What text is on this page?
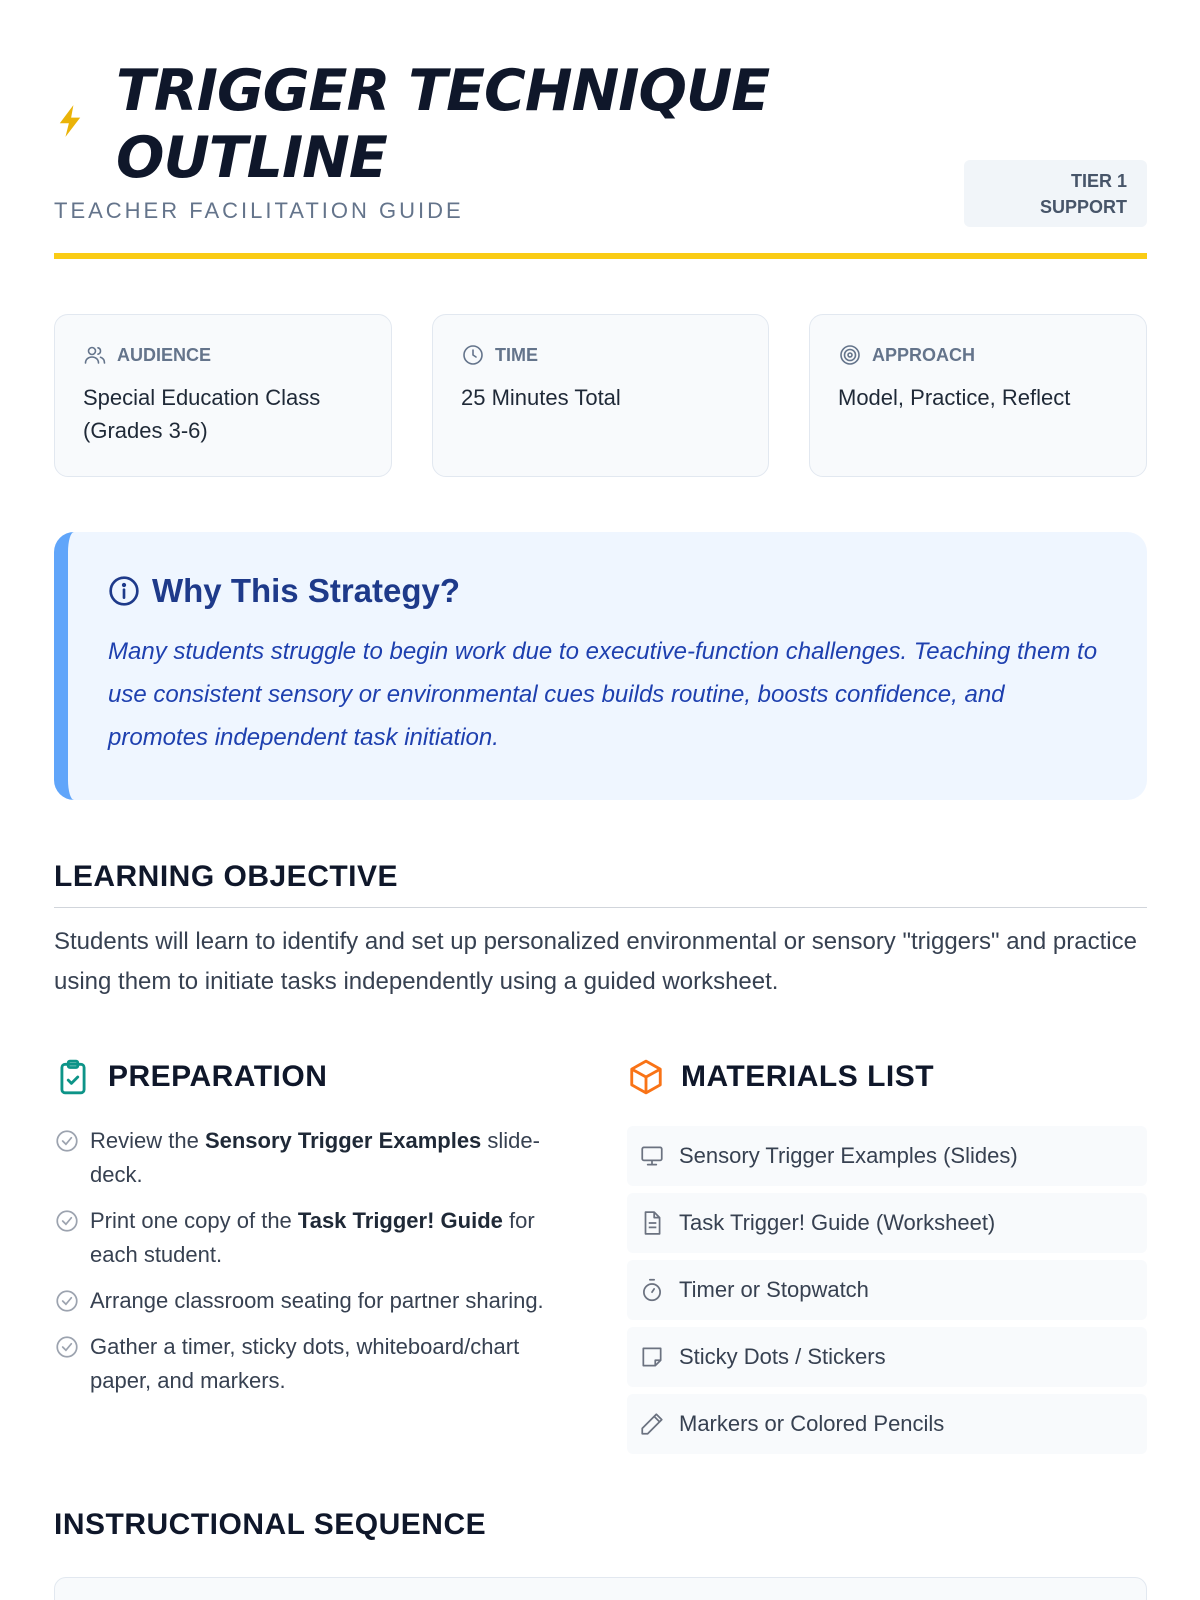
TRIGGER TECHNIQUE
OUTLINE
TEACHER FACILITATION GUIDE
TIER 1
SUPPORT
AUDIENCE
Special Education Class (Grades 3-6)
TIME
25 Minutes Total
APPROACH
Model, Practice, Reflect
Why This Strategy?

Many students struggle to begin work due to executive-function challenges. Teaching them to use consistent sensory or environmental cues builds routine, boosts confidence, and promotes independent task initiation.

LEARNING OBJECTIVE

Students will learn to identify and set up personalized environmental or sensory "triggers" and practice using them to initiate tasks independently using a guided worksheet.

PREPARATION
Review the Sensory Trigger Examples slide-deck.
Print one copy of the Task Trigger! Guide for each student.
Arrange classroom seating for partner sharing.
Gather a timer, sticky dots, whiteboard/chart paper, and markers.
MATERIALS LIST
Sensory Trigger Examples (Slides)
Task Trigger! Guide (Worksheet)
Timer or Stopwatch
Sticky Dots / Stickers
Markers or Colored Pencils
INSTRUCTIONAL SEQUENCE
